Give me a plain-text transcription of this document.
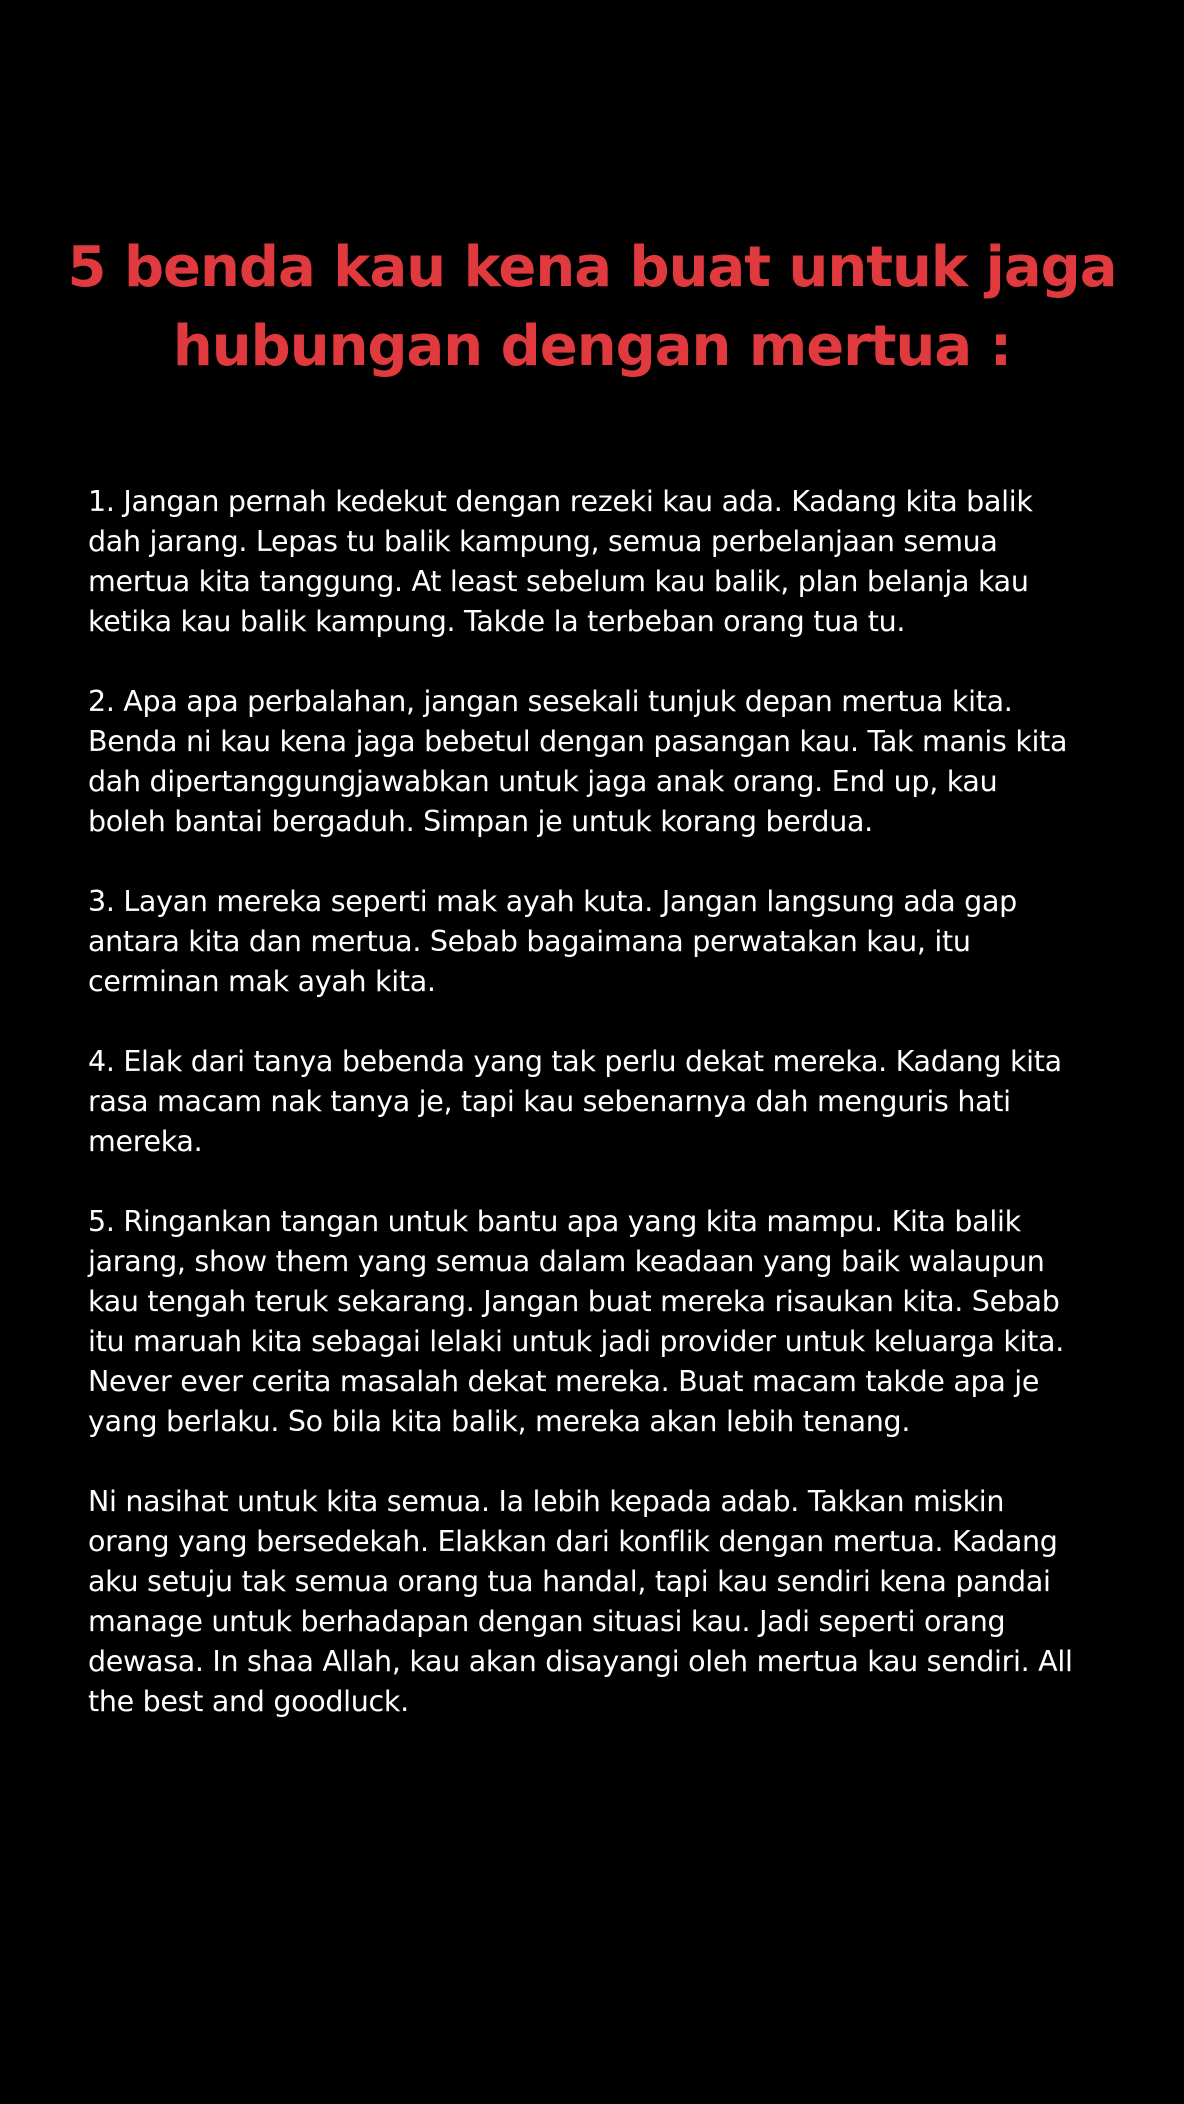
5 benda kau kena buat untuk jaga
hubungan dengan mertua :

1. Jangan pernah kedekut dengan rezeki kau ada. Kadang kita balik
dah jarang. Lepas tu balik kampung, semua perbelanjaan semua
mertua kita tanggung. At least sebelum kau balik, plan belanja kau
ketika kau balik kampung. Takde la terbeban orang tua tu.

2. Apa apa perbalahan, jangan sesekali tunjuk depan mertua kita.
Benda ni kau kena jaga bebetul dengan pasangan kau. Tak manis kita
dah dipertanggungjawabkan untuk jaga anak orang. End up, kau
boleh bantai bergaduh. Simpan je untuk korang berdua.

3. Layan mereka seperti mak ayah kuta. Jangan langsung ada gap
antara kita dan mertua. Sebab bagaimana perwatakan kau, itu
cerminan mak ayah kita.

4. Elak dari tanya bebenda yang tak perlu dekat mereka. Kadang kita
rasa macam nak tanya je, tapi kau sebenarnya dah menguris hati
mereka.

5. Ringankan tangan untuk bantu apa yang kita mampu. Kita balik
jarang, show them yang semua dalam keadaan yang baik walaupun
kau tengah teruk sekarang. Jangan buat mereka risaukan kita. Sebab
itu maruah kita sebagai lelaki untuk jadi provider untuk keluarga kita.
Never ever cerita masalah dekat mereka. Buat macam takde apa je
yang berlaku. So bila kita balik, mereka akan lebih tenang.

Ni nasihat untuk kita semua. Ia lebih kepada adab. Takkan miskin
orang yang bersedekah. Elakkan dari konflik dengan mertua. Kadang
aku setuju tak semua orang tua handal, tapi kau sendiri kena pandai
manage untuk berhadapan dengan situasi kau. Jadi seperti orang
dewasa. In shaa Allah, kau akan disayangi oleh mertua kau sendiri. All
the best and goodluck.
